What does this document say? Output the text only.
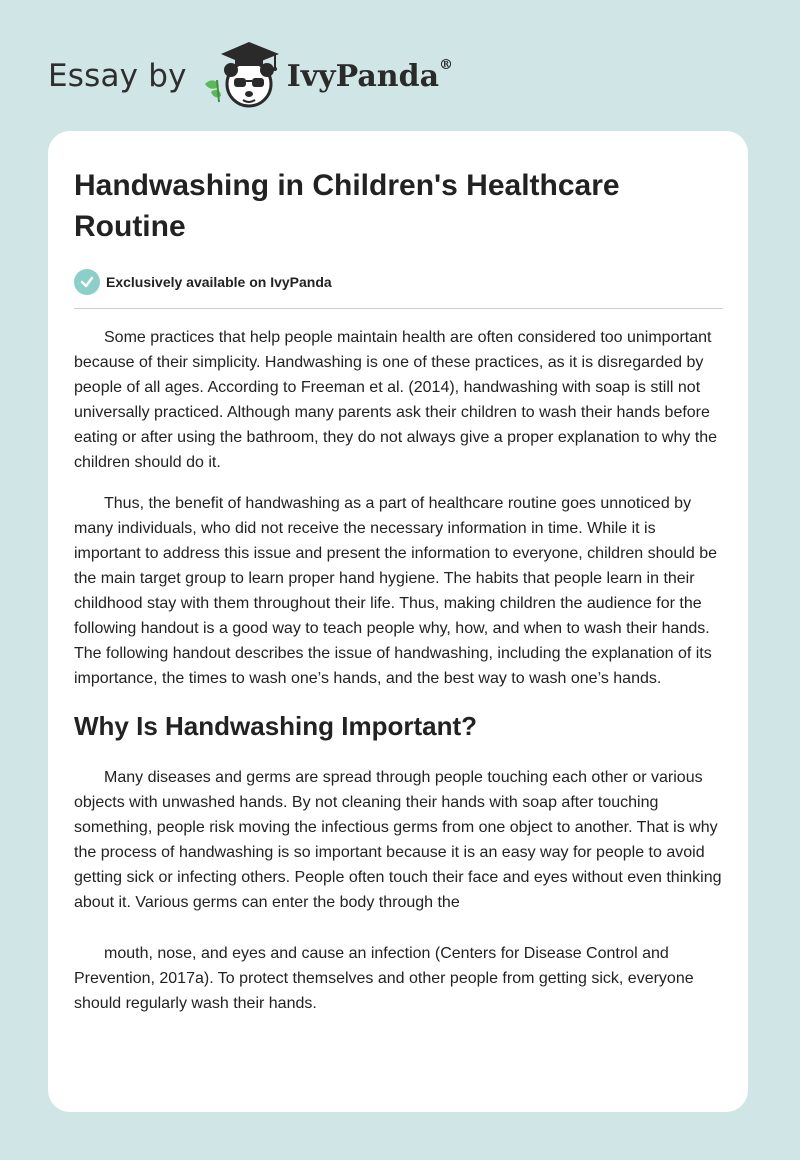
Essay by	IvyPanda®
Handwashing in Children's Healthcare Routine
Exclusively available on IvyPanda

Some practices that help people maintain health are often considered too unimportant because of their simplicity. Handwashing is one of these practices, as it is disregarded by people of all ages. According to Freeman et al. (2014), handwashing with soap is still not universally practiced. Although many parents ask their children to wash their hands before eating or after using the bathroom, they do not always give a proper explanation to why the children should do it.

Thus, the benefit of handwashing as a part of healthcare routine goes unnoticed by many individuals, who did not receive the necessary information in time. While it is important to address this issue and present the information to everyone, children should be the main target group to learn proper hand hygiene. The habits that people learn in their childhood stay with them throughout their life. Thus, making children the audience for the following handout is a good way to teach people why, how, and when to wash their hands. The following handout describes the issue of handwashing, including the explanation of its importance, the times to wash one’s hands, and the best way to wash one’s hands.

Why Is Handwashing Important?

Many diseases and germs are spread through people touching each other or various objects with unwashed hands. By not cleaning their hands with soap after touching something, people risk moving the infectious germs from one object to another. That is why the process of handwashing is so important because it is an easy way for people to avoid getting sick or infecting others. People often touch their face and eyes without even thinking about it. Various germs can enter the body through the

mouth, nose, and eyes and cause an infection (Centers for Disease Control and Prevention, 2017a). To protect themselves and other people from getting sick, everyone should regularly wash their hands.
